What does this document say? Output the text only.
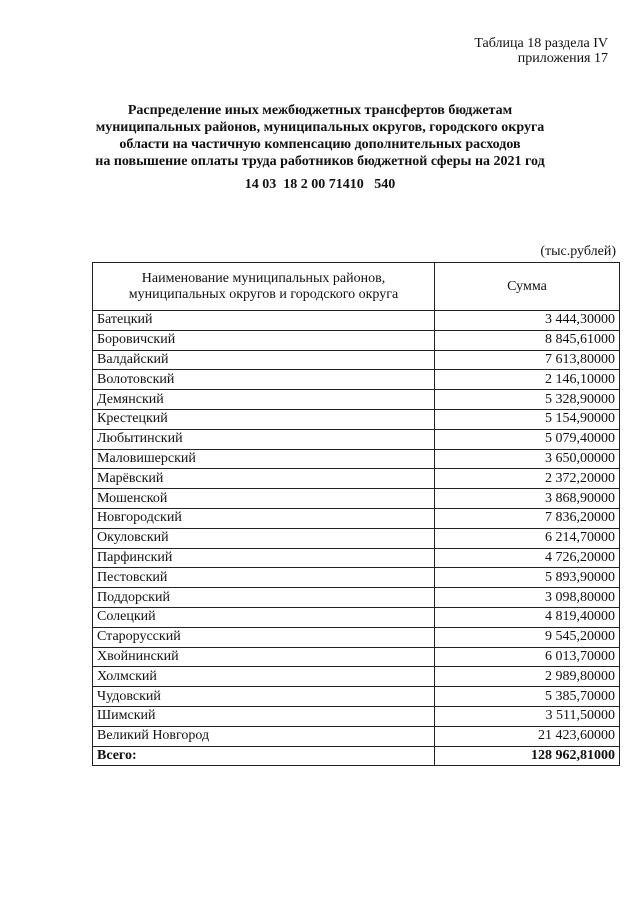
Таблица 18 раздела IV
приложения 17
Распределение иных межбюджетных трансфертов бюджетам
муниципальных районов, муниципальных округов, городского округа
области на частичную компенсацию дополнительных расходов
на повышение оплаты труда работников бюджетной сферы на 2021 год
14 03  18 2 00 71410   540
(тыс.рублей)
Наименование муниципальных районов, муниципальных округов и городского округа	Сумма
Батецкий	3 444,30000
Боровичский	8 845,61000
Валдайский	7 613,80000
Волотовский	2 146,10000
Демянский	5 328,90000
Крестецкий	5 154,90000
Любытинский	5 079,40000
Маловишерский	3 650,00000
Марёвский	2 372,20000
Мошенской	3 868,90000
Новгородский	7 836,20000
Окуловский	6 214,70000
Парфинский	4 726,20000
Пестовский	5 893,90000
Поддорский	3 098,80000
Солецкий	4 819,40000
Старорусский	9 545,20000
Хвойнинский	6 013,70000
Холмский	2 989,80000
Чудовский	5 385,70000
Шимский	3 511,50000
Великий Новгород	21 423,60000
Всего:	128 962,81000
